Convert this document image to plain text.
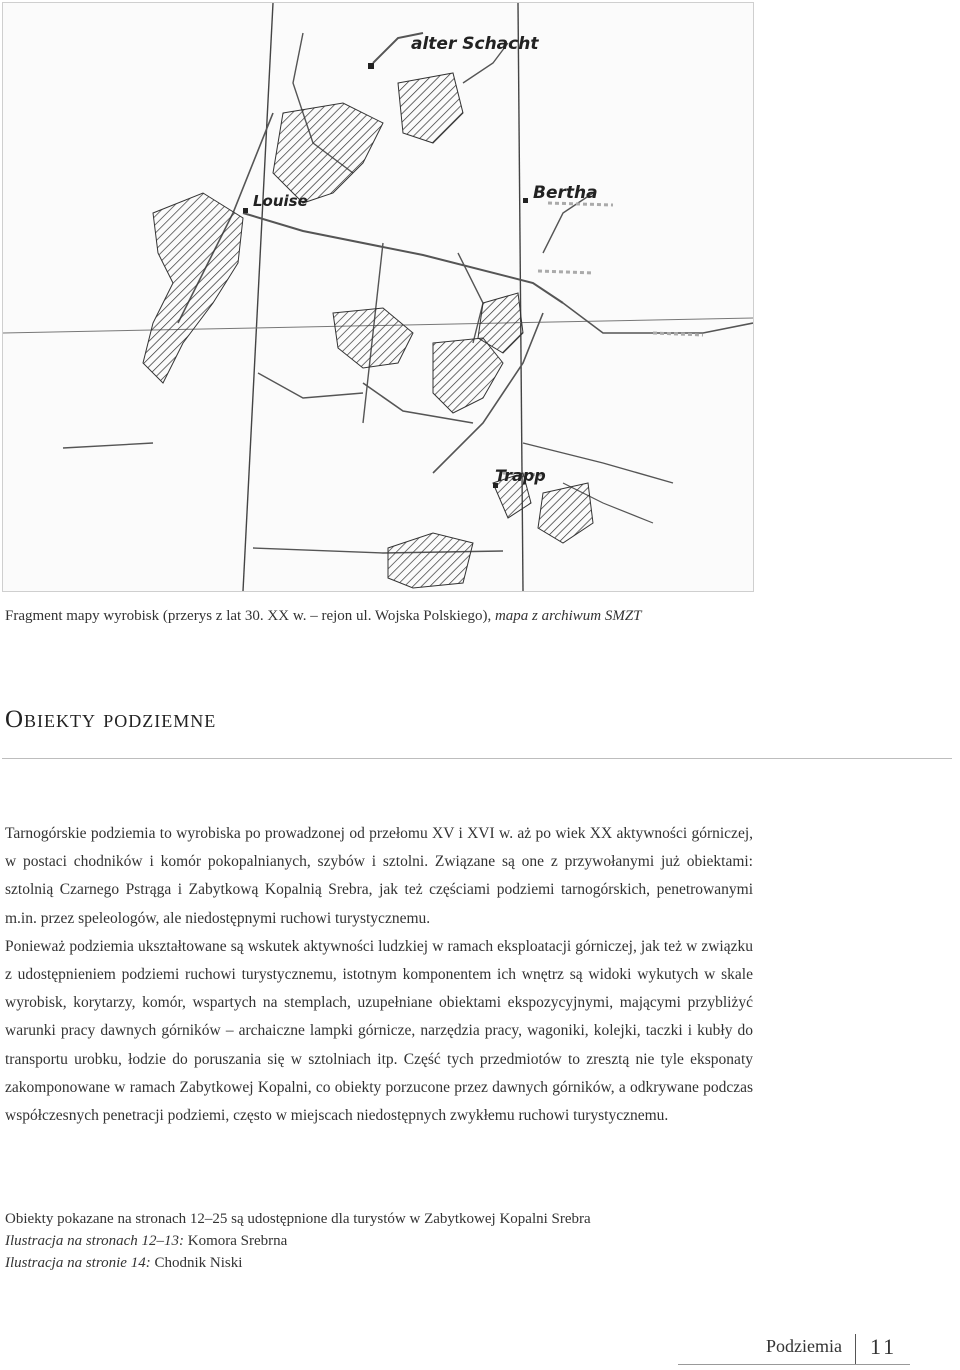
alter Schacht
Louise	Bertha
Trapp
Fragment mapy wyrobisk (przerys z lat 30. XX w. – rejon ul. Wojska Polskiego), mapa z archiwum SMZT
Obiekty podziemne

Tarnogórskie podziemia to wyrobiska po prowadzonej od przełomu XV i XVI w. aż po wiek XX aktywności górniczej, w postaci chodników i komór pokopalnianych, szybów i sztolni. Związane są one z przywołanymi już obiektami: sztolnią Czarnego Pstrąga i Zabytkową Kopalnią Srebra, jak też częściami podziemi tarnogórskich, penetrowanymi m.in. przez speleologów, ale niedostępnymi ruchowi turystycznemu.

Ponieważ podziemia ukształtowane są wskutek aktywności ludzkiej w ramach eksploatacji górniczej, jak też w związku z udostępnieniem podziemi ruchowi turystycznemu, istotnym komponentem ich wnętrz są widoki wykutych w skale wyrobisk, korytarzy, komór, wspartych na stemplach, uzupełniane obiektami ekspozycyjnymi, mającymi przybliżyć warunki pracy dawnych górników – archaiczne lampki górnicze, narzędzia pracy, wagoniki, kolejki, taczki i kubły do transportu urobku, łodzie do poruszania się w sztolniach itp. Część tych przedmiotów to zresztą nie tyle eksponaty zakomponowane w ramach Zabytkowej Kopalni, co obiekty porzucone przez dawnych górników, a odkrywane podczas współczesnych penetracji podziemi, często w miejscach niedostępnych zwykłemu ruchowi turystycznemu.

Obiekty pokazane na stronach 12–25 są udostępnione dla turystów w Zabytkowej Kopalni Srebra

Ilustracja na stronach 12–13: Komora Srebrna

Ilustracja na stronie 14: Chodnik Niski

Podziemia 11
